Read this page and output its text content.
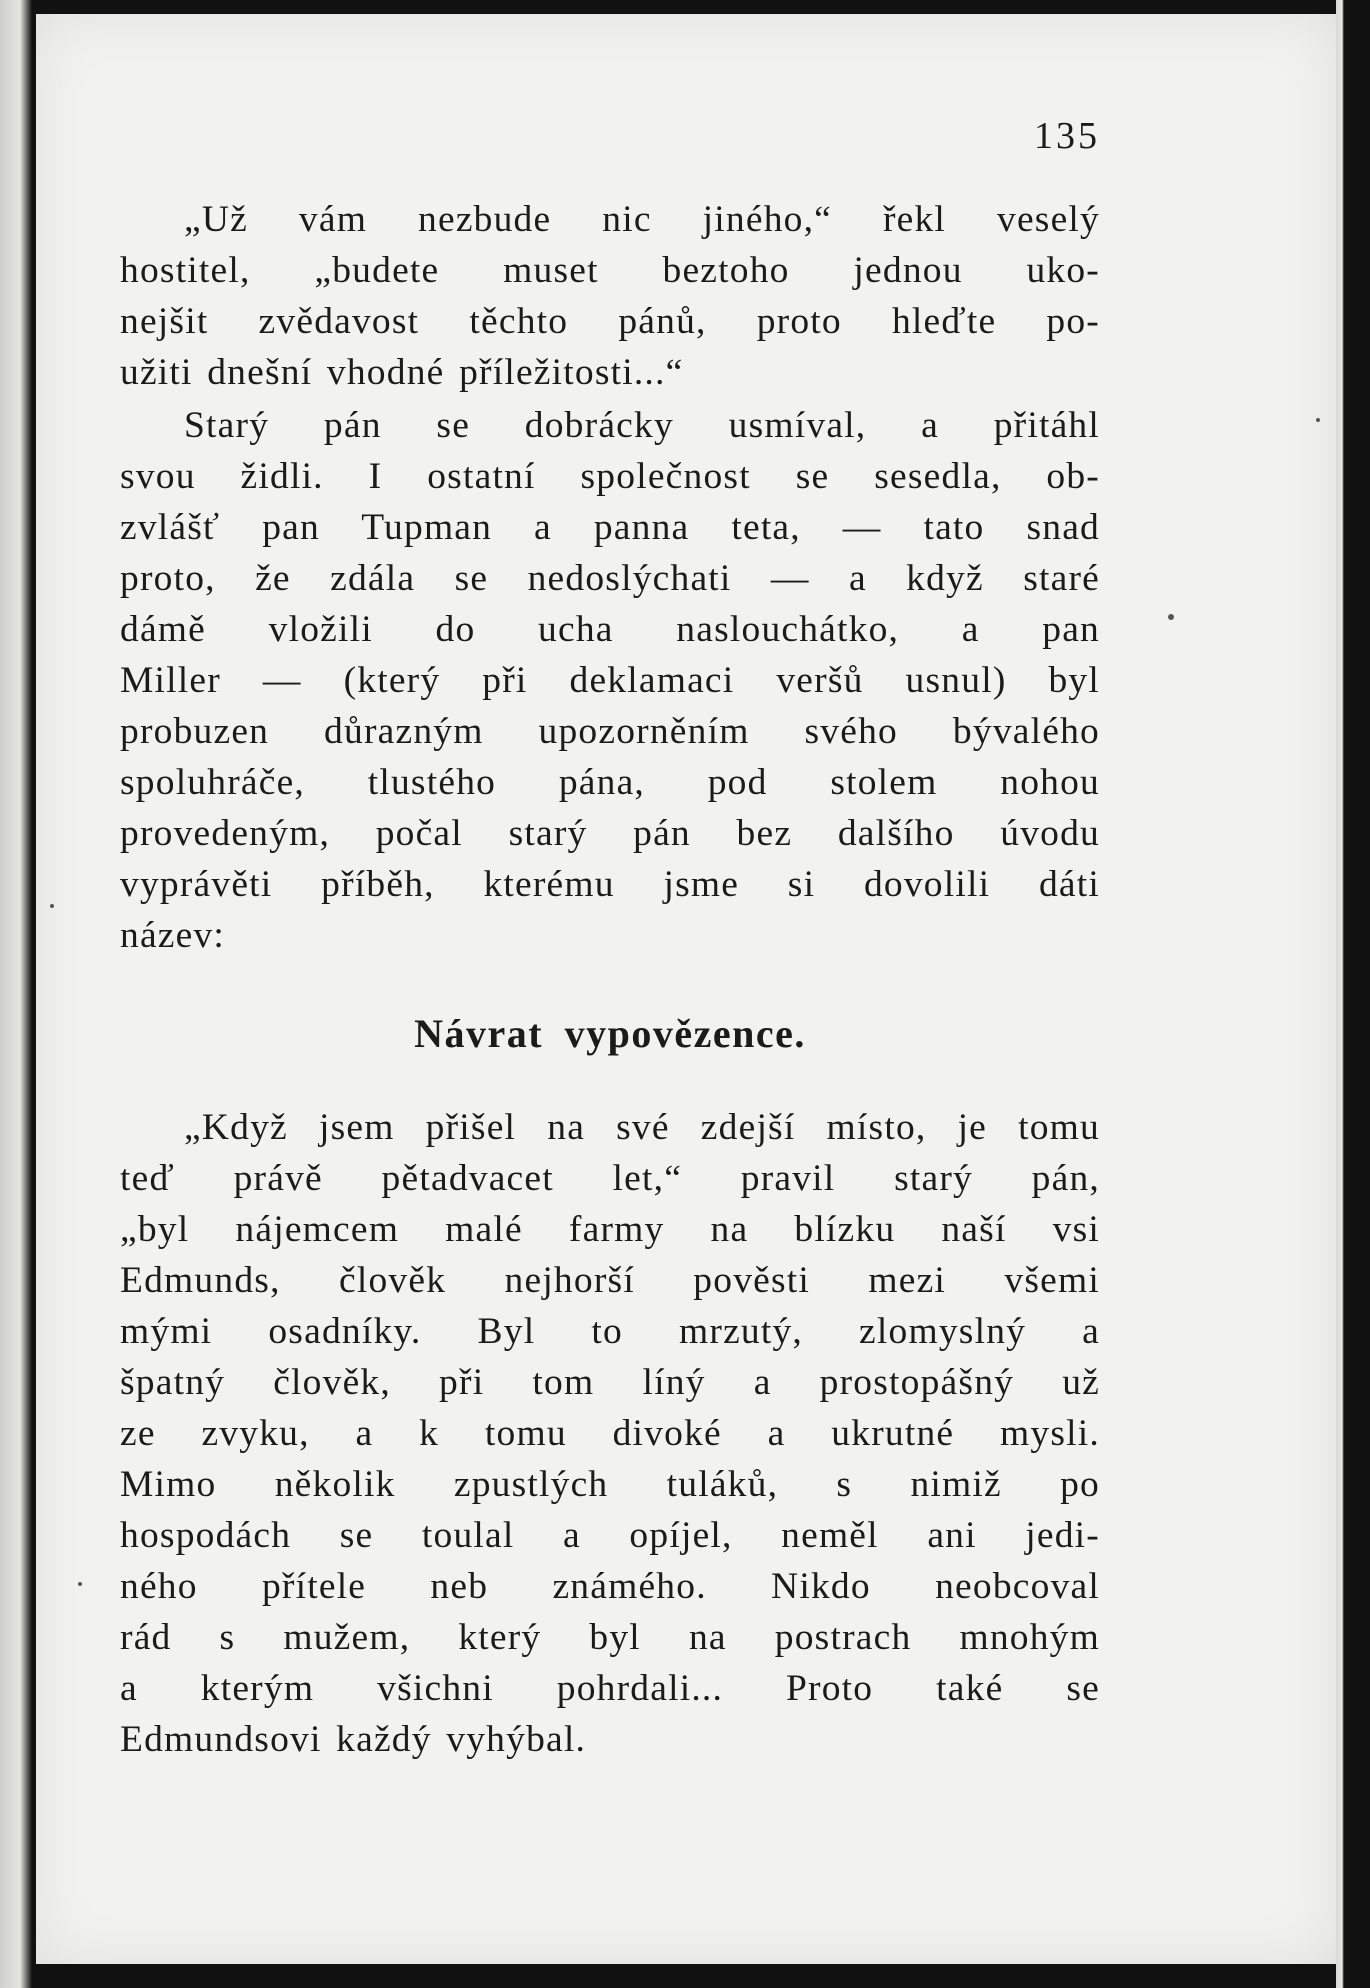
135
„Už vám nezbude nic jiného,“ řekl veselý
hostitel, „budete muset beztoho jednou uko-
nejšit zvědavost těchto pánů, proto hleďte po-
užiti dnešní vhodné příležitosti...“
Starý pán se dobrácky usmíval, a přitáhl
svou židli. I ostatní společnost se sesedla, ob-
zvlášť pan Tupman a panna teta, — tato snad
proto, že zdála se nedoslýchati — a když staré
dámě vložili do ucha naslouchátko, a pan
Miller — (který při deklamaci veršů usnul) byl
probuzen důrazným upozorněním svého bývalého
spoluhráče, tlustého pána, pod stolem nohou
provedeným, počal starý pán bez dalšího úvodu
vyprávěti příběh, kterému jsme si dovolili dáti
název:
Návrat vypovězence.
„Když jsem přišel na své zdejší místo, je tomu
teď právě pětadvacet let,“ pravil starý pán,
„byl nájemcem malé farmy na blízku naší vsi
Edmunds, člověk nejhorší pověsti mezi všemi
mými osadníky. Byl to mrzutý, zlomyslný a
špatný člověk, při tom líný a prostopášný už
ze zvyku, a k tomu divoké a ukrutné mysli.
Mimo několik zpustlých tuláků, s nimiž po
hospodách se toulal a opíjel, neměl ani jedi-
ného přítele neb známého. Nikdo neobcoval
rád s mužem, který byl na postrach mnohým
a kterým všichni pohrdali... Proto také se
Edmundsovi každý vyhýbal.
